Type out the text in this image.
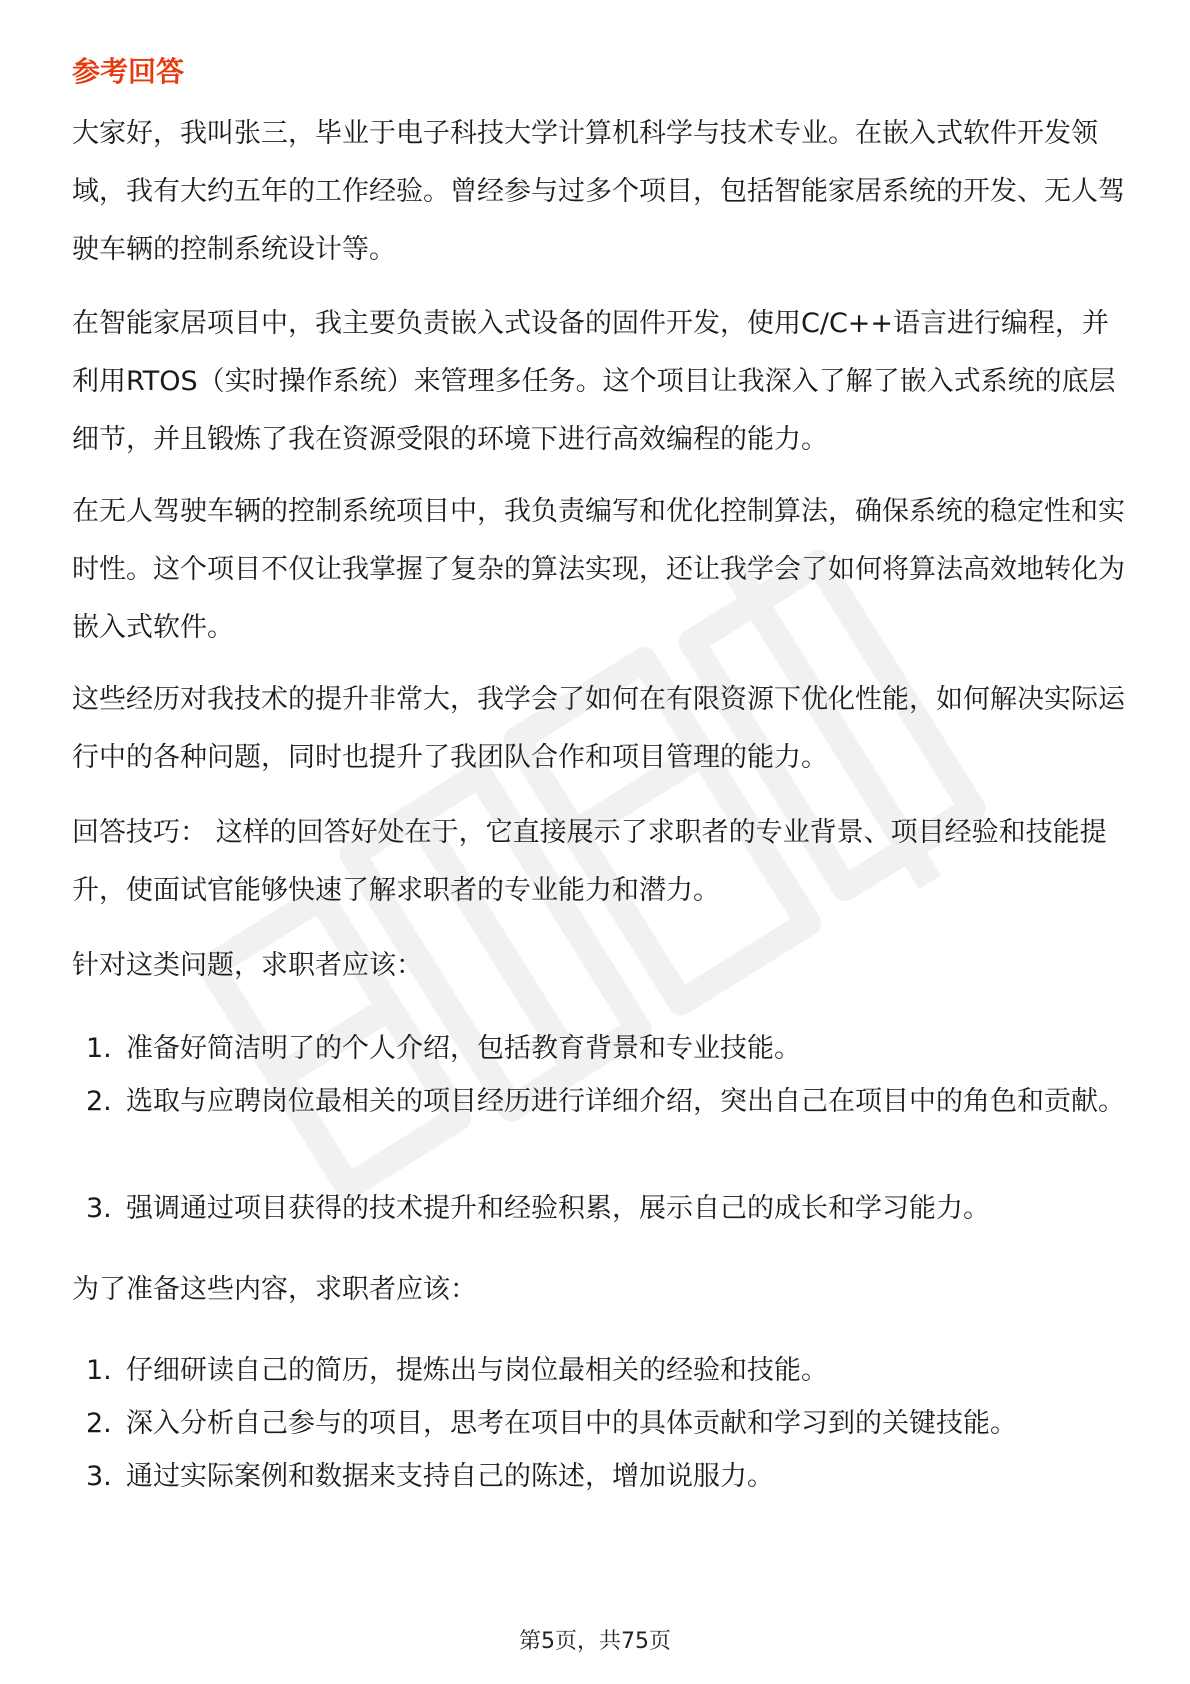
参考回答

大家好，我叫张三，毕业于电子科技大学计算机科学与技术专业。在嵌入式软件开发领域，我有大约五年的工作经验。曾经参与过多个项目，包括智能家居系统的开发、无人驾驶车辆的控制系统设计等。

在智能家居项目中，我主要负责嵌入式设备的固件开发，使用C/C++语言进行编程，并利用RTOS（实时操作系统）来管理多任务。这个项目让我深入了解了嵌入式系统的底层细节，并且锻炼了我在资源受限的环境下进行高效编程的能力。

在无人驾驶车辆的控制系统项目中，我负责编写和优化控制算法，确保系统的稳定性和实时性。这个项目不仅让我掌握了复杂的算法实现，还让我学会了如何将算法高效地转化为嵌入式软件。

这些经历对我技术的提升非常大，我学会了如何在有限资源下优化性能，如何解决实际运行中的各种问题，同时也提升了我团队合作和项目管理的能力。

回答技巧： 这样的回答好处在于，它直接展示了求职者的专业背景、项目经验和技能提升，使面试官能够快速了解求职者的专业能力和潜力。

针对这类问题，求职者应该：

1. 准备好简洁明了的个人介绍，包括教育背景和专业技能。
2. 选取与应聘岗位最相关的项目经历进行详细介绍，突出自己在项目中的角色和贡献。
3. 强调通过项目获得的技术提升和经验积累，展示自己的成长和学习能力。

为了准备这些内容，求职者应该：

1. 仔细研读自己的简历，提炼出与岗位最相关的经验和技能。
2. 深入分析自己参与的项目，思考在项目中的具体贡献和学习到的关键技能。
3. 通过实际案例和数据来支持自己的陈述，增加说服力。
第5页，共75页
